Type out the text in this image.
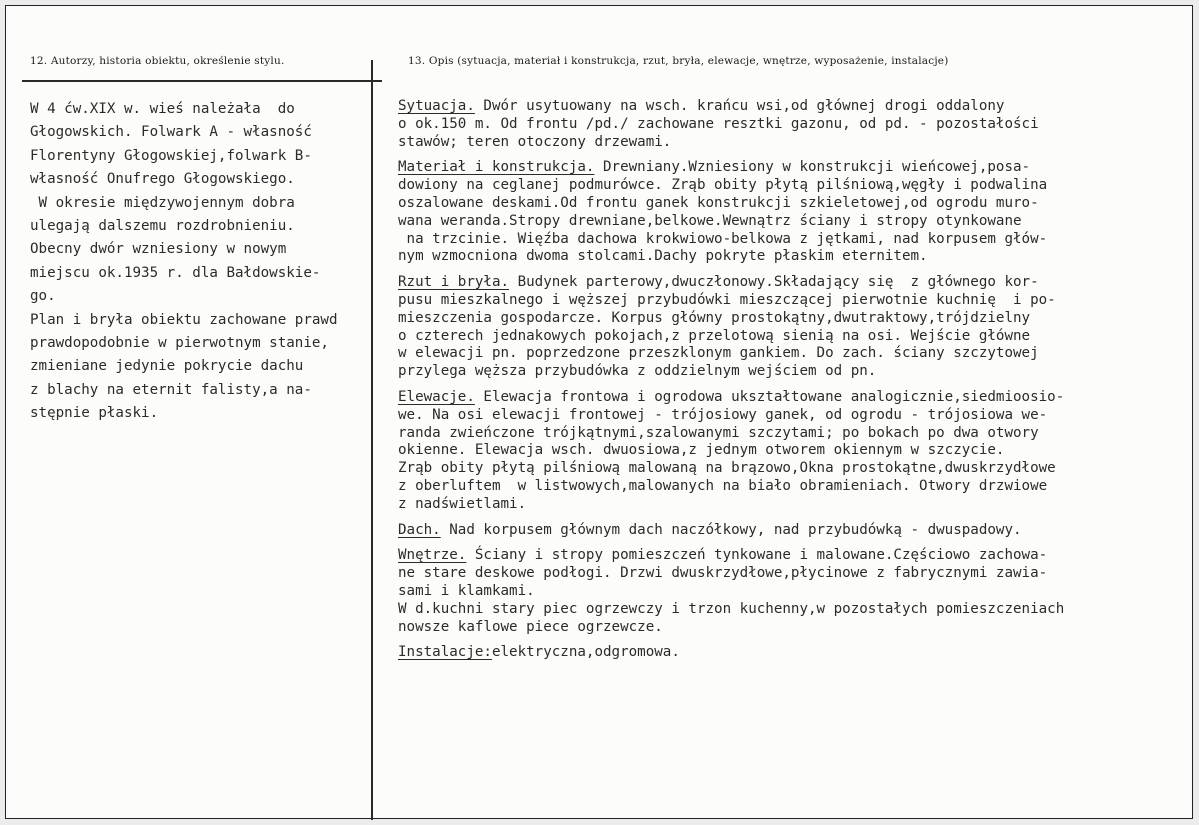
12. Autorzy, historia obiektu, określenie stylu.	13. Opis (sytuacja, materiał i konstrukcja, rzut, bryła, elewacje, wnętrze, wyposażenie, instalacje)
W 4 ćw.XIX w. wieś należała  do
Głogowskich. Folwark A - własność
Florentyny Głogowskiej,folwark B-
własność Onufrego Głogowskiego.
W okresie międzywojennym dobra
ulegają dalszemu rozdrobnieniu.
Obecny dwór wzniesiony w nowym
miejscu ok.1935 r. dla Bałdowskie-
go.
Plan i bryła obiektu zachowane prawd
prawdopodobnie w pierwotnym stanie,
zmieniane jedynie pokrycie dachu
z blachy na eternit falisty,a na-
stępnie płaski.
Sytuacja. Dwór usytuowany na wsch. krańcu wsi,od głównej drogi oddalony
o ok.150 m. Od frontu /pd./ zachowane resztki gazonu, od pd. - pozostałości
stawów; teren otoczony drzewami.
Materiał i konstrukcja. Drewniany.Wzniesiony w konstrukcji wieńcowej,posa-
dowiony na ceglanej podmurówce. Zrąb obity płytą pilśniową,węgły i podwalina
oszalowane deskami.Od frontu ganek konstrukcji szkieletowej,od ogrodu muro-
wana weranda.Stropy drewniane,belkowe.Wewnątrz ściany i stropy otynkowane
na trzcinie. Więźba dachowa krokwiowo-belkowa z jętkami, nad korpusem głów-
nym wzmocniona dwoma stolcami.Dachy pokryte płaskim eternitem.
Rzut i bryła. Budynek parterowy,dwuczłonowy.Składający się  z głównego kor-
pusu mieszkalnego i węższej przybudówki mieszczącej pierwotnie kuchnię  i po-
mieszczenia gospodarcze. Korpus główny prostokątny,dwutraktowy,trójdzielny
o czterech jednakowych pokojach,z przelotową sienią na osi. Wejście główne
w elewacji pn. poprzedzone przeszklonym gankiem. Do zach. ściany szczytowej
przylega węższa przybudówka z oddzielnym wejściem od pn.
Elewacje. Elewacja frontowa i ogrodowa ukształtowane analogicznie,siedmioosio-
we. Na osi elewacji frontowej - trójosiowy ganek, od ogrodu - trójosiowa we-
randa zwieńczone trójkątnymi,szalowanymi szczytami; po bokach po dwa otwory
okienne. Elewacja wsch. dwuosiowa,z jednym otworem okiennym w szczycie.
Zrąb obity płytą pilśniową malowaną na brązowo,Okna prostokątne,dwuskrzydłowe
z oberluftem  w listwowych,malowanych na biało obramieniach. Otwory drzwiowe
z nadświetlami.
Dach. Nad korpusem głównym dach naczółkowy, nad przybudówką - dwuspadowy.
Wnętrze. Ściany i stropy pomieszczeń tynkowane i malowane.Częściowo zachowa-
ne stare deskowe podłogi. Drzwi dwuskrzydłowe,płycinowe z fabrycznymi zawia-
sami i klamkami.
W d.kuchni stary piec ogrzewczy i trzon kuchenny,w pozostałych pomieszczeniach
nowsze kaflowe piece ogrzewcze.
Instalacje:elektryczna,odgromowa.
